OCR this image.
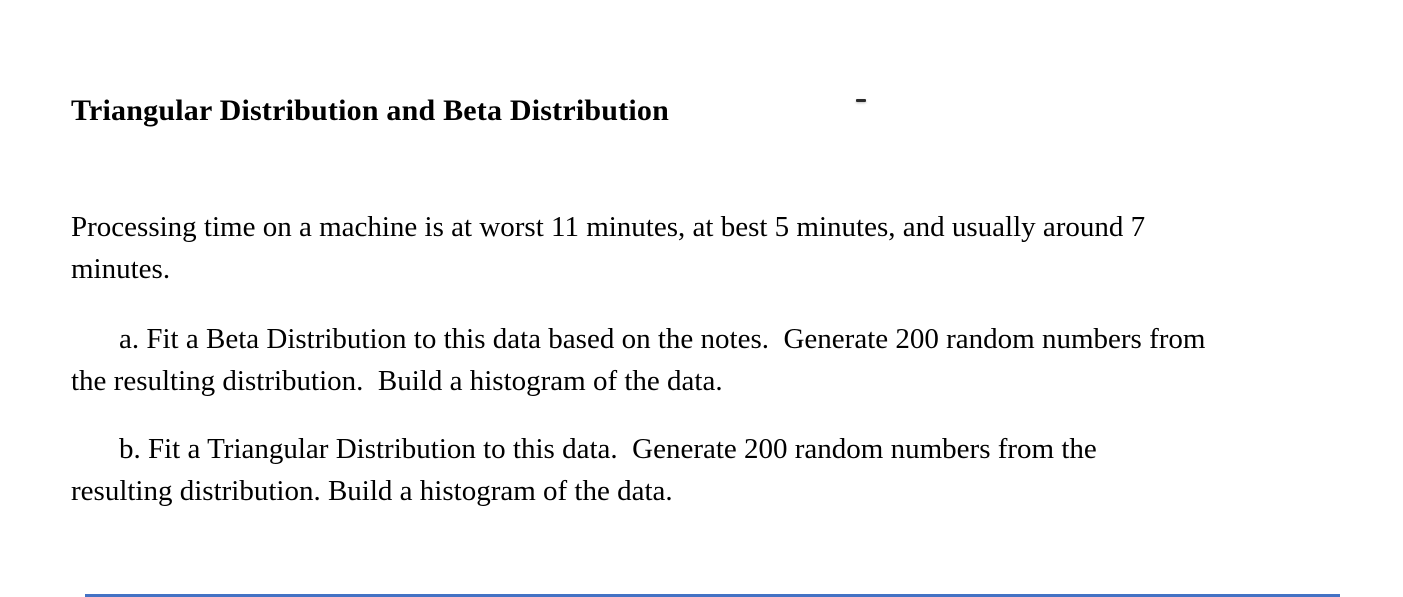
Triangular Distribution and Beta Distribution
Processing time on a machine is at worst 11 minutes, at best 5 minutes, and usually around 7
minutes.
a. Fit a Beta Distribution to this data based on the notes.  Generate 200 random numbers from
the resulting distribution.  Build a histogram of the data.
b. Fit a Triangular Distribution to this data.  Generate 200 random numbers from the
resulting distribution. Build a histogram of the data.
